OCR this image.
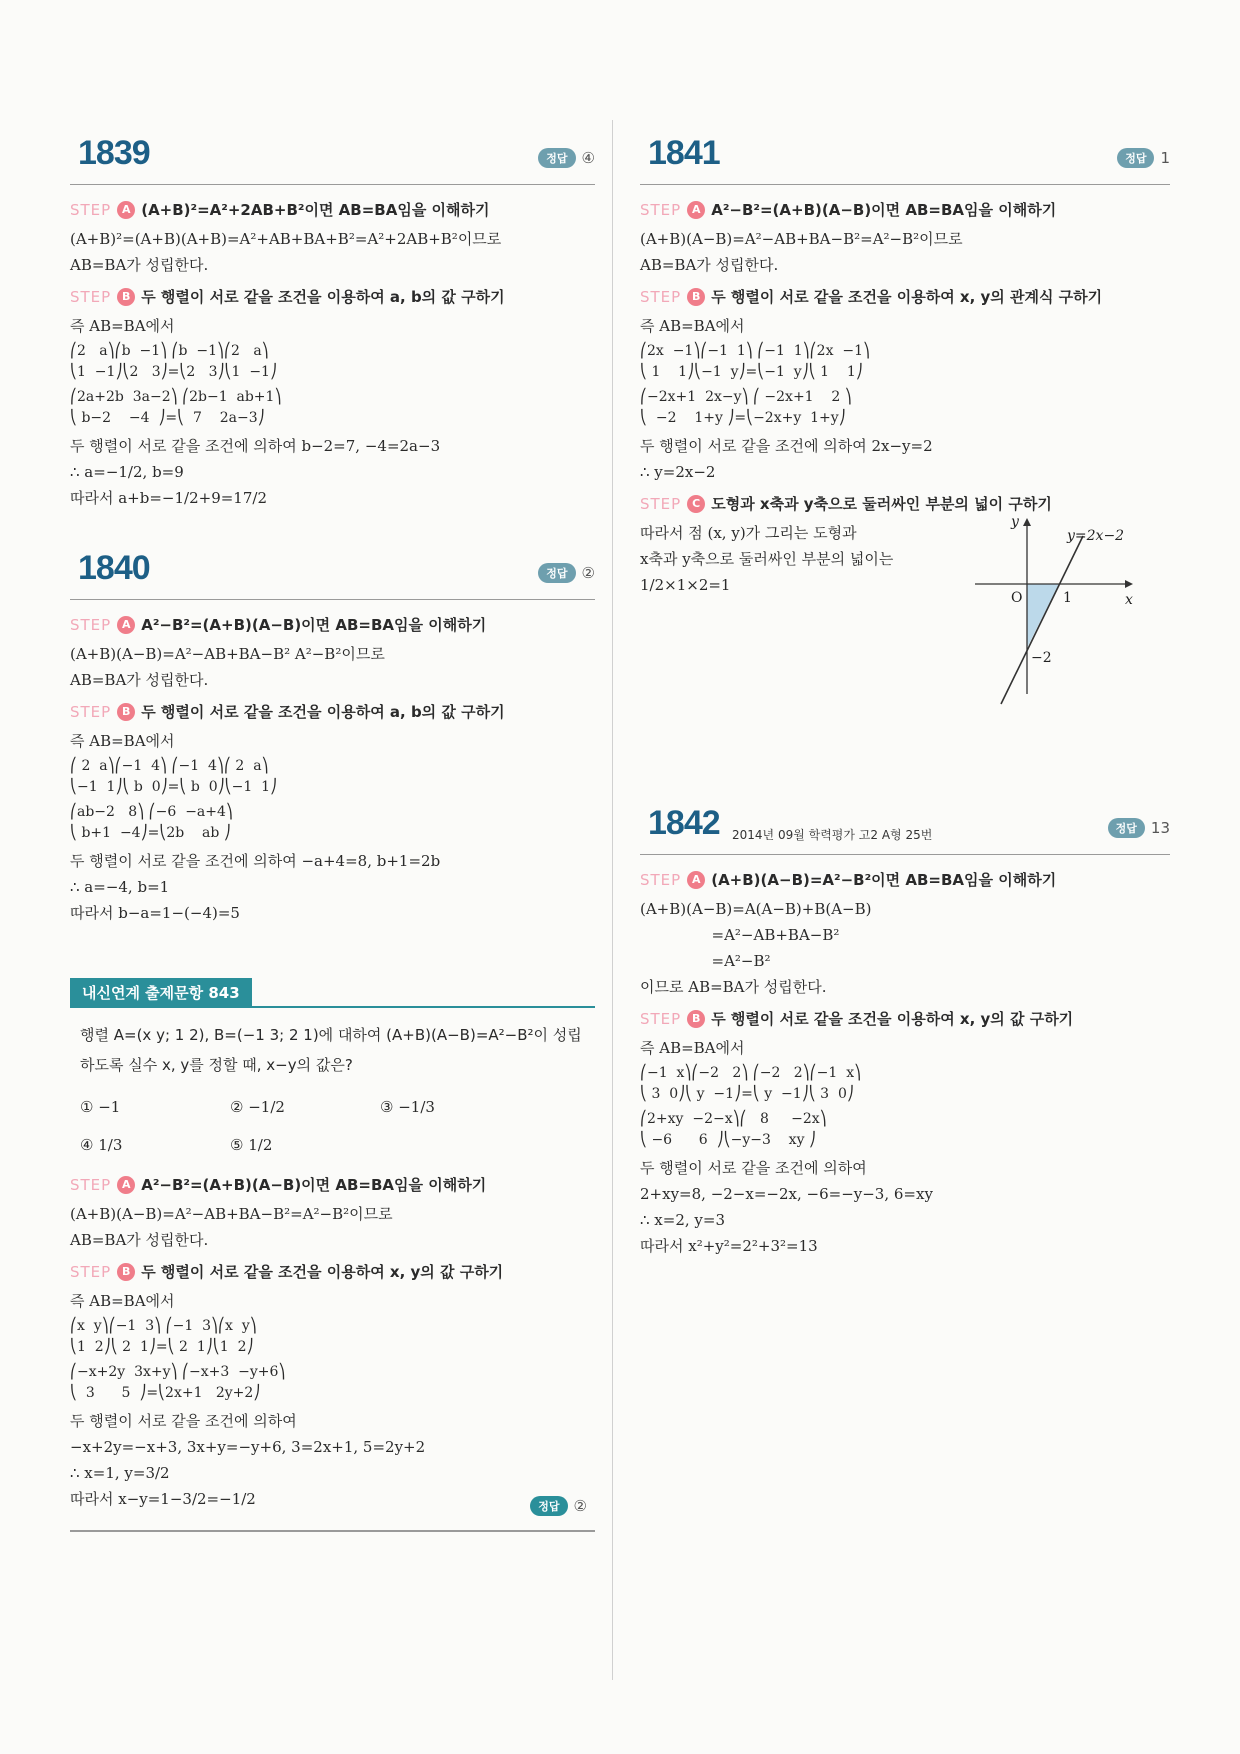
1839	정답 ④
STEP A (A+B)²=A²+2AB+B²이면 AB=BA임을 이해하기
(A+B)²=(A+B)(A+B)=A²+AB+BA+B²=A²+2AB+B²이므로
AB=BA가 성립한다.
STEP B 두 행렬이 서로 같을 조건을 이용하여 a, b의 값 구하기
즉 AB=BA에서
⎛2   a⎞⎛b  −1⎞ ⎛b  −1⎞⎛2   a⎞
⎝1  −1⎠⎝2   3⎠=⎝2   3⎠⎝1  −1⎠
⎛2a+2b  3a−2⎞ ⎛2b−1  ab+1⎞
⎝ b−2    −4  ⎠=⎝  7    2a−3⎠
두 행렬이 서로 같을 조건에 의하여 b−2=7, −4=2a−3
∴ a=−1/2, b=9
따라서 a+b=−1/2+9=17/2
1840	정답 ②
STEP A A²−B²=(A+B)(A−B)이면 AB=BA임을 이해하기
(A+B)(A−B)=A²−AB+BA−B² A²−B²이므로
AB=BA가 성립한다.
STEP B 두 행렬이 서로 같을 조건을 이용하여 a, b의 값 구하기
즉 AB=BA에서
⎛ 2  a⎞⎛−1  4⎞ ⎛−1  4⎞⎛ 2  a⎞
⎝−1  1⎠⎝ b  0⎠=⎝ b  0⎠⎝−1  1⎠
⎛ab−2   8⎞ ⎛−6  −a+4⎞
⎝ b+1  −4⎠=⎝2b    ab ⎠
두 행렬이 서로 같을 조건에 의하여 −a+4=8, b+1=2b
∴ a=−4, b=1
따라서 b−a=1−(−4)=5
내신연계 출제문항 843
행렬 A=(x y; 1 2), B=(−1 3; 2 1)에 대하여 (A+B)(A−B)=A²−B²이 성립하도록 실수 x, y를 정할 때, x−y의 값은?
① −1	② −1/2	③ −1/3
④ 1/3	⑤ 1/2
STEP A A²−B²=(A+B)(A−B)이면 AB=BA임을 이해하기
(A+B)(A−B)=A²−AB+BA−B²=A²−B²이므로
AB=BA가 성립한다.
STEP B 두 행렬이 서로 같을 조건을 이용하여 x, y의 값 구하기
즉 AB=BA에서
⎛x  y⎞⎛−1  3⎞ ⎛−1  3⎞⎛x  y⎞
⎝1  2⎠⎝ 2  1⎠=⎝ 2  1⎠⎝1  2⎠
⎛−x+2y  3x+y⎞ ⎛−x+3  −y+6⎞
⎝  3      5  ⎠=⎝2x+1   2y+2⎠
두 행렬이 서로 같을 조건에 의하여
−x+2y=−x+3, 3x+y=−y+6, 3=2x+1, 5=2y+2
∴ x=1, y=3/2
따라서 x−y=1−3/2=−1/2	정답 ②
1841	정답 1
STEP A A²−B²=(A+B)(A−B)이면 AB=BA임을 이해하기
(A+B)(A−B)=A²−AB+BA−B²=A²−B²이므로
AB=BA가 성립한다.
STEP B 두 행렬이 서로 같을 조건을 이용하여 x, y의 관계식 구하기
즉 AB=BA에서
⎛2x  −1⎞⎛−1  1⎞ ⎛−1  1⎞⎛2x  −1⎞
⎝ 1    1⎠⎝−1  y⎠=⎝−1  y⎠⎝ 1    1⎠
⎛−2x+1  2x−y⎞ ⎛ −2x+1    2 ⎞
⎝  −2    1+y ⎠=⎝−2x+y  1+y⎠
두 행렬이 서로 같을 조건에 의하여 2x−y=2
∴ y=2x−2
STEP C 도형과 x축과 y축으로 둘러싸인 부분의 넓이 구하기
따라서 점 (x, y)가 그리는 도형과
x축과 y축으로 둘러싸인 부분의 넓이는
1/2×1×2=1
y=2x−2
x
y
O	1
−2
1842 2014년 09월 학력평가 고2 A형 25번	정답 13
STEP A (A+B)(A−B)=A²−B²이면 AB=BA임을 이해하기
(A+B)(A−B)=A(A−B)+B(A−B)
=A²−AB+BA−B²
=A²−B²
이므로 AB=BA가 성립한다.
STEP B 두 행렬이 서로 같을 조건을 이용하여 x, y의 값 구하기
즉 AB=BA에서
⎛−1  x⎞⎛−2   2⎞ ⎛−2   2⎞⎛−1  x⎞
⎝ 3  0⎠⎝ y  −1⎠=⎝ y  −1⎠⎝ 3  0⎠
⎛2+xy  −2−x⎞⎛   8     −2x⎞
⎝ −6      6  ⎠⎝−y−3    xy ⎠
두 행렬이 서로 같을 조건에 의하여
2+xy=8, −2−x=−2x, −6=−y−3, 6=xy
∴ x=2, y=3
따라서 x²+y²=2²+3²=13
